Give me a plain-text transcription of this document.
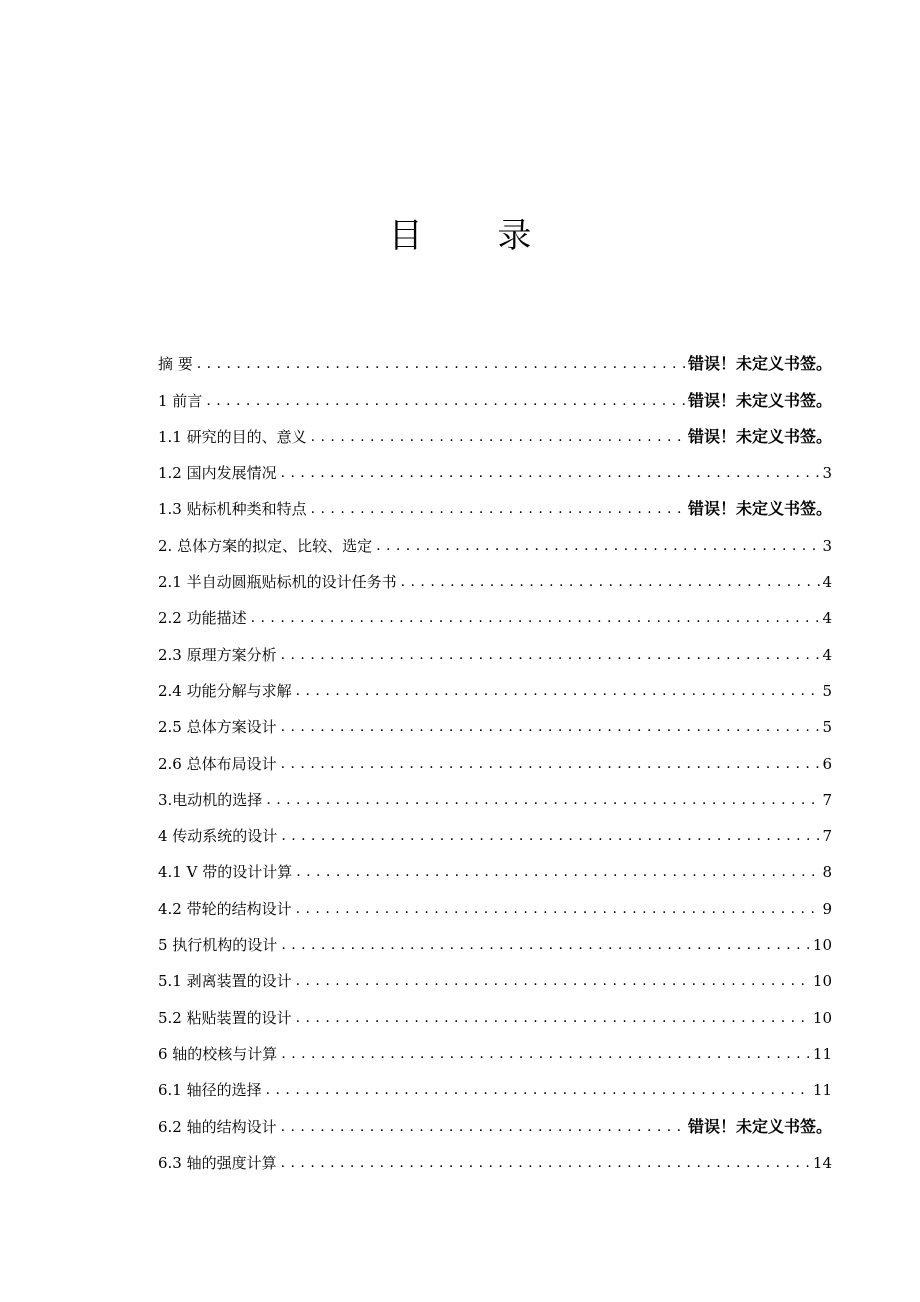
目 录
摘 要 . . .	错误！未定义书签。
1 前言 . . .	错误！未定义书签。
1.1 研究的目的、意义 . . .	错误！未定义书签。
1.2 国内发展情况 . . .	3
1.3 贴标机种类和特点 . . .	错误！未定义书签。
2. 总体方案的拟定、比较、选定 . . .	3
2.1 半自动圆瓶贴标机的设计任务书 . . .	4
2.2 功能描述 . . .	4
2.3 原理方案分析 . . .	4
2.4 功能分解与求解 . . .	5
2.5 总体方案设计 . . .	5
2.6 总体布局设计 . . .	6
3.电动机的选择 . . .	7
4 传动系统的设计 . . .	7
4.1 V 带的设计计算 . . .	8
4.2 带轮的结构设计 . . .	9
5 执行机构的设计 . . .	10
5.1 剥离装置的设计 . . .	10
5.2 粘贴装置的设计 . . .	10
6 轴的校核与计算 . . .	11
6.1 轴径的选择 . . .	11
6.2 轴的结构设计 . . .	错误！未定义书签。
6.3 轴的强度计算 . . .	14
